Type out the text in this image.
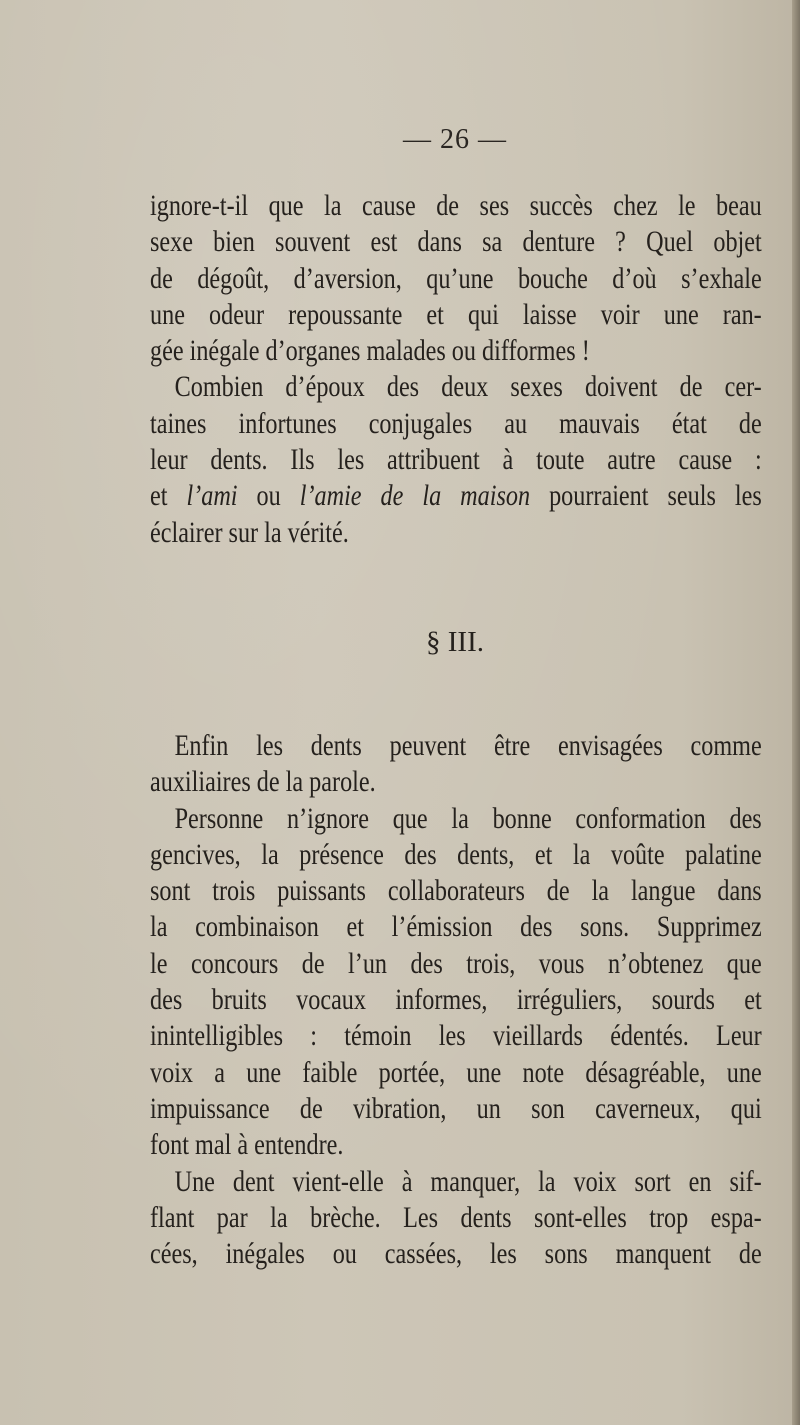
— 26 —
ignore-t-il que la cause de ses succès chez le beau
sexe bien souvent est dans sa denture ? Quel objet
de dégoût, d’aversion, qu’une bouche d’où s’exhale
une odeur repoussante et qui laisse voir une ran-
gée inégale d’organes malades ou difformes !
Combien d’époux des deux sexes doivent de cer-
taines infortunes conjugales au mauvais état de
leur dents. Ils les attribuent à toute autre cause :
et l’ami ou l’amie de la maison pourraient seuls les
éclairer sur la vérité.
§ III.
Enfin les dents peuvent être envisagées comme
auxiliaires de la parole.
Personne n’ignore que la bonne conformation des
gencives, la présence des dents, et la voûte palatine
sont trois puissants collaborateurs de la langue dans
la combinaison et l’émission des sons. Supprimez
le concours de l’un des trois, vous n’obtenez que
des bruits vocaux informes, irréguliers, sourds et
inintelligibles : témoin les vieillards édentés. Leur
voix a une faible portée, une note désagréable, une
impuissance de vibration, un son caverneux, qui
font mal à entendre.
Une dent vient-elle à manquer, la voix sort en sif-
flant par la brèche. Les dents sont-elles trop espa-
cées, inégales ou cassées, les sons manquent de
